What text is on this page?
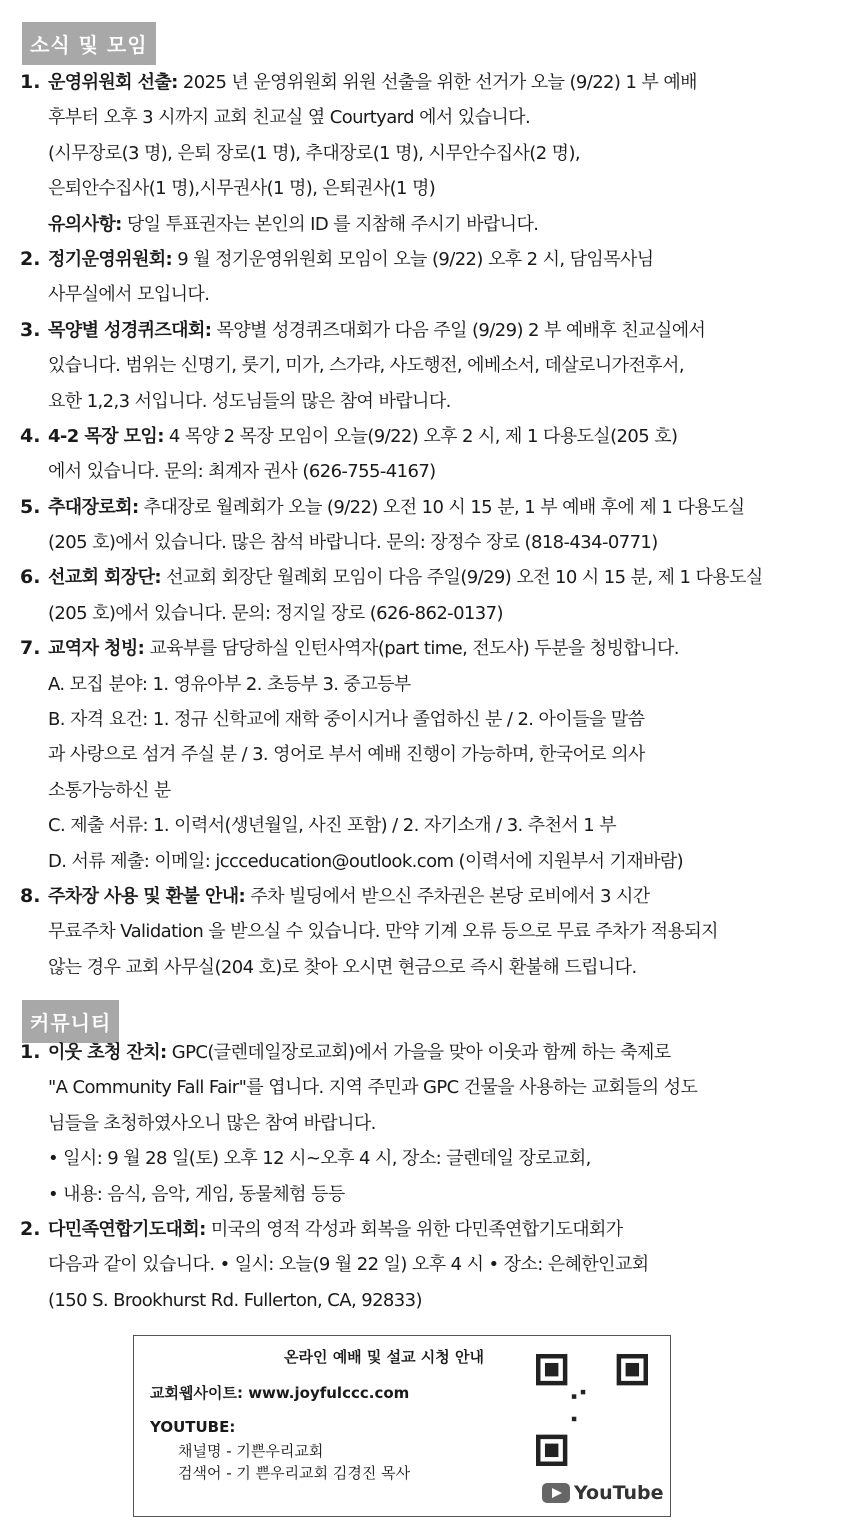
소식 및 모임
1. 운영위원회 선출: 2025 년 운영위원회 위원 선출을 위한 선거가 오늘 (9/22) 1 부 예배
후부터 오후 3 시까지 교회 친교실 옆 Courtyard 에서 있습니다.
(시무장로(3 명), 은퇴 장로(1 명), 추대장로(1 명), 시무안수집사(2 명),
은퇴안수집사(1 명),시무권사(1 명), 은퇴권사(1 명)
유의사항: 당일 투표권자는 본인의 ID 를 지참해 주시기 바랍니다.
2. 정기운영위원회: 9 월 정기운영위원회 모임이 오늘 (9/22) 오후 2 시, 담임목사님
사무실에서 모입니다.
3. 목양별 성경퀴즈대회: 목양별 성경퀴즈대회가 다음 주일 (9/29) 2 부 예배후 친교실에서
있습니다. 범위는 신명기, 룻기, 미가, 스가랴, 사도행전, 에베소서, 데살로니가전후서,
요한 1,2,3 서입니다. 성도님들의 많은 참여 바랍니다.
4. 4-2 목장 모임: 4 목양 2 목장 모임이 오늘(9/22) 오후 2 시, 제 1 다용도실(205 호)
에서 있습니다. 문의: 최계자 권사 (626-755-4167)
5. 추대장로회: 추대장로 월례회가 오늘 (9/22) 오전 10 시 15 분, 1 부 예배 후에 제 1 다용도실
(205 호)에서 있습니다. 많은 참석 바랍니다. 문의: 장정수 장로 (818-434-0771)
6. 선교회 회장단: 선교회 회장단 월례회 모임이 다음 주일(9/29) 오전 10 시 15 분, 제 1 다용도실
(205 호)에서 있습니다. 문의: 정지일 장로 (626-862-0137)
7. 교역자 청빙: 교육부를 담당하실 인턴사역자(part time, 전도사) 두분을 청빙합니다.
A. 모집 분야: 1. 영유아부 2. 초등부 3. 중고등부
B. 자격 요건: 1. 정규 신학교에 재학 중이시거나 졸업하신 분 / 2. 아이들을 말씀
과 사랑으로 섬겨 주실 분 / 3. 영어로 부서 예배 진행이 가능하며, 한국어로 의사
소통가능하신 분
C. 제출 서류: 1. 이력서(생년월일, 사진 포함) / 2. 자기소개 / 3. 추천서 1 부
D. 서류 제출: 이메일: jccceducation@outlook.com (이력서에 지원부서 기재바람)
8. 주차장 사용 및 환불 안내: 주차 빌딩에서 받으신 주차권은 본당 로비에서 3 시간
무료주차 Validation 을 받으실 수 있습니다. 만약 기계 오류 등으로 무료 주차가 적용되지
않는 경우 교회 사무실(204 호)로 찾아 오시면 현금으로 즉시 환불해 드립니다.
커뮤니티
1. 이웃 초청 잔치: GPC(글렌데일장로교회)에서 가을을 맞아 이웃과 함께 하는 축제로
"A Community Fall Fair"를 엽니다. 지역 주민과 GPC 건물을 사용하는 교회들의 성도
님들을 초청하였사오니 많은 참여 바랍니다.
• 일시: 9 월 28 일(토) 오후 12 시~오후 4 시, 장소: 글렌데일 장로교회,
• 내용: 음식, 음악, 게임, 동물체험 등등
2. 다민족연합기도대회: 미국의 영적 각성과 회복을 위한 다민족연합기도대회가
다음과 같이 있습니다. • 일시: 오늘(9 월 22 일) 오후 4 시 • 장소: 은혜한인교회
(150 S. Brookhurst Rd. Fullerton, CA, 92833)
온라인 예배 및 설교 시청 안내
교회웹사이트: www.joyfulccc.com
YOUTUBE:
채널명 - 기쁜우리교회
검색어 - 기 쁜우리교회 김경진 목사
YouTube
